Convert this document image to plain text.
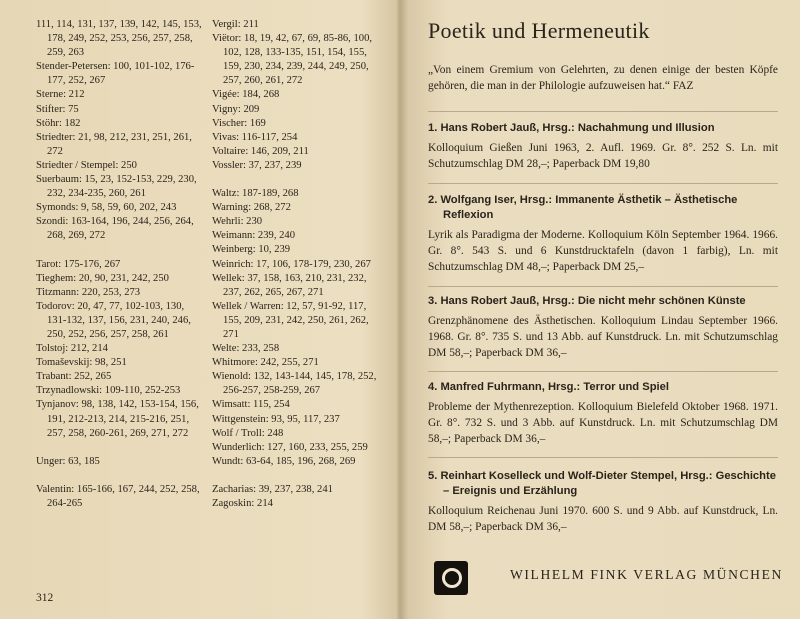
111, 114, 131, 137, 139, 142, 145, 153, 178, 249, 252, 253, 256, 257, 258, 259, 263
Stender-Petersen: 100, 101-102, 176-177, 252, 267
Sterne: 212
Stifter: 75
Stöhr: 182
Striedter: 21, 98, 212, 231, 251, 261, 272
Striedter / Stempel: 250
Suerbaum: 15, 23, 152-153, 229, 230, 232, 234-235, 260, 261
Symonds: 9, 58, 59, 60, 202, 243
Szondi: 163-164, 196, 244, 256, 264, 268, 269, 272
Tarot: 175-176, 267
Tieghem: 20, 90, 231, 242, 250
Titzmann: 220, 253, 273
Todorov: 20, 47, 77, 102-103, 130, 131-132, 137, 156, 231, 240, 246, 250, 252, 256, 257, 258, 261
Tolstoj: 212, 214
Tomaševskij: 98, 251
Trabant: 252, 265
Trzynadlowski: 109-110, 252-253
Tynjanov: 98, 138, 142, 153-154, 156, 191, 212-213, 214, 215-216, 251, 257, 258, 260-261, 269, 271, 272
Unger: 63, 185
Valentin: 165-166, 167, 244, 252, 258, 264-265
Vergil: 211
Viëtor: 18, 19, 42, 67, 69, 85-86, 100, 102, 128, 133-135, 151, 154, 155, 159, 230, 234, 239, 244, 249, 250, 257, 260, 261, 272
Vigée: 184, 268
Vigny: 209
Vischer: 169
Vivas: 116-117, 254
Voltaire: 146, 209, 211
Vossler: 37, 237, 239
Waltz: 187-189, 268
Warning: 268, 272
Wehrli: 230
Weimann: 239, 240
Weinberg: 10, 239
Weinrich: 17, 106, 178-179, 230, 267
Wellek: 37, 158, 163, 210, 231, 232, 237, 262, 265, 267, 271
Wellek / Warren: 12, 57, 91-92, 117, 155, 209, 231, 242, 250, 261, 262, 271
Welte: 233, 258
Whitmore: 242, 255, 271
Wienold: 132, 143-144, 145, 178, 252, 256-257, 258-259, 267
Wimsatt: 115, 254
Wittgenstein: 93, 95, 117, 237
Wolf / Troll: 248
Wunderlich: 127, 160, 233, 255, 259
Wundt: 63-64, 185, 196, 268, 269
Zacharias: 39, 237, 238, 241
Zagoskin: 214
312
Poetik und Hermeneutik
„Von einem Gremium von Gelehrten, zu denen einige der besten Köpfe gehören, die man in der Philologie aufzuweisen hat.“ FAZ

1. Hans Robert Jauß, Hrsg.: Nachahmung und Illusion

Kolloquium Gießen Juni 1963, 2. Aufl. 1969. Gr. 8°. 252 S. Ln. mit Schutzumschlag DM 28,–; Paperback DM 19,80

2. Wolfgang Iser, Hrsg.: Immanente Ästhetik – Ästhetische Reflexion

Lyrik als Paradigma der Moderne. Kolloquium Köln September 1964. 1966. Gr. 8°. 543 S. und 6 Kunstdrucktafeln (davon 1 farbig), Ln. mit Schutzumschlag DM 48,–; Paperback DM 25,–

3. Hans Robert Jauß, Hrsg.: Die nicht mehr schönen Künste

Grenzphänomene des Ästhetischen. Kolloquium Lindau September 1966. 1968. Gr. 8°. 735 S. und 13 Abb. auf Kunstdruck. Ln. mit Schutzumschlag DM 58,–; Paperback DM 36,–

4. Manfred Fuhrmann, Hrsg.: Terror und Spiel

Probleme der Mythenrezeption. Kolloquium Bielefeld Oktober 1968. 1971. Gr. 8°. 732 S. und 3 Abb. auf Kunstdruck. Ln. mit Schutzumschlag DM 58,–; Paperback DM 36,–

5. Reinhart Koselleck und Wolf-Dieter Stempel, Hrsg.: Geschichte – Ereignis und Erzählung

Kolloquium Reichenau Juni 1970. 600 S. und 9 Abb. auf Kunstdruck, Ln. DM 58,–; Paperback DM 36,–

WILHELM FINK VERLAG MÜNCHEN
